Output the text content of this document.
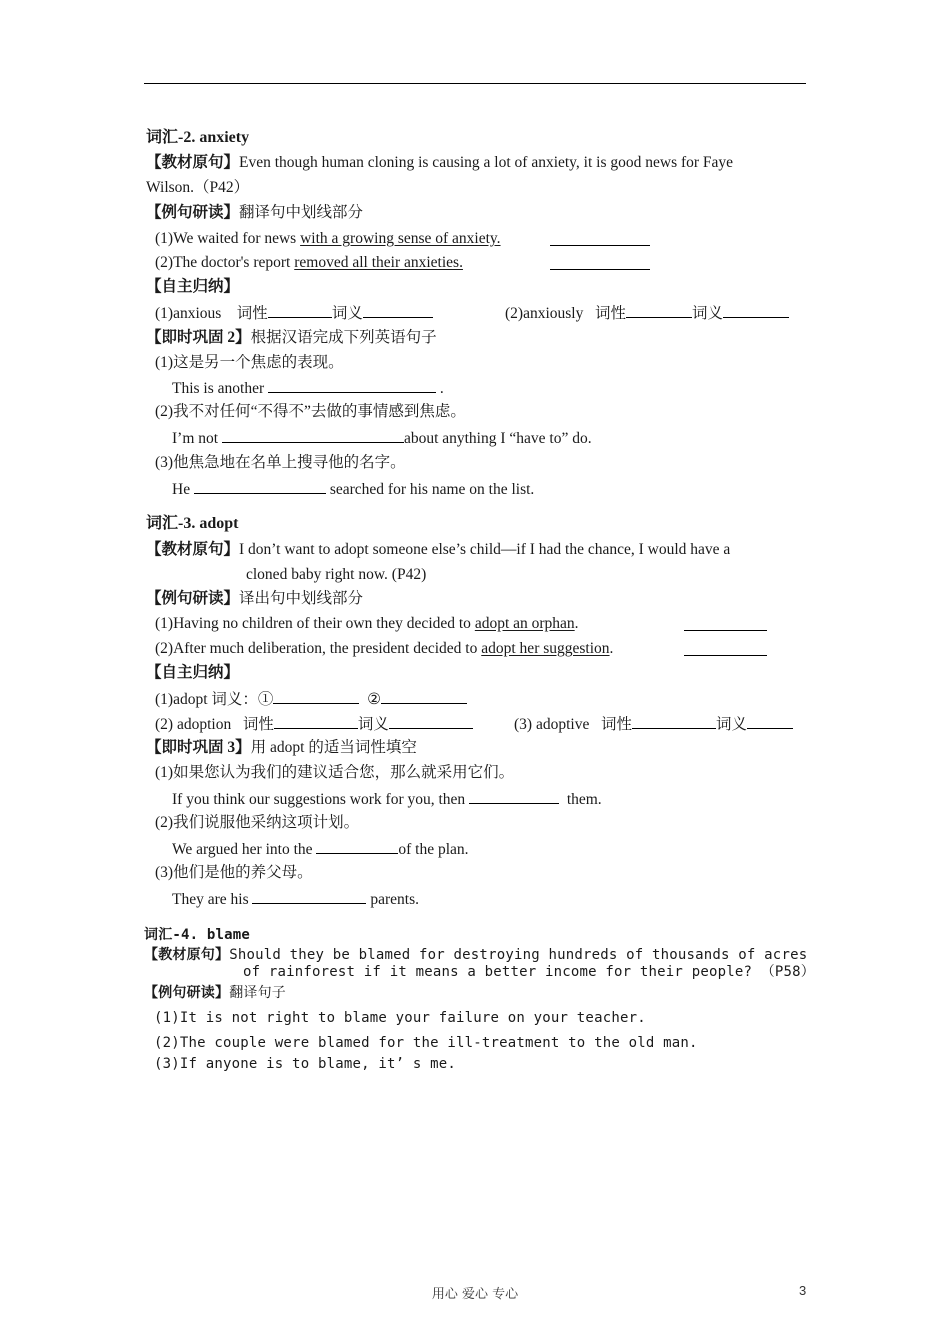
词汇-2. anxiety
【教材原句】Even though human cloning is causing a lot of anxiety, it is good news for Faye
Wilson.（P42）
【例句研读】翻译句中划线部分
(1)We waited for news with a growing sense of anxiety.
(2)The doctor's report removed all their anxieties.
【自主归纳】
(1)anxious 词性	词义	(2)anxiously 词性	词义
【即时巩固 2】根据汉语完成下列英语句子
(1)这是另一个焦虑的表现。
This is another	.
(2)我不对任何“不得不”去做的事情感到焦虑。
I’m not	about anything I “have to” do.
(3)他焦急地在名单上搜寻他的名字。
He	searched for his name on the list.
词汇-3. adopt
【教材原句】I don’t want to adopt someone else’s child—if I had the chance, I would have a
cloned baby right now. (P42)
【例句研读】译出句中划线部分
(1)Having no children of their own they decided to adopt an orphan.
(2)After much deliberation, the president decided to adopt her suggestion.
【自主归纳】
(1)adopt 词义：①	②
(2) adoption 词性	词义	(3) adoptive 词性	词义
【即时巩固 3】用 adopt 的适当词性填空
(1)如果您认为我们的建议适合您，那么就采用它们。
If you think our suggestions work for you, then	them.
(2)我们说服他采纳这项计划。
We argued her into the	of the plan.
(3)他们是他的养父母。
They are his	parents.
词汇-4. blame
【教材原句】Should they be blamed for destroying hundreds of thousands of acres
of rainforest if it means a better income for their people? （P58）
【例句研读】翻译句子
(1)It is not right to blame your failure on your teacher.
(2)The couple were blamed for the ill-treatment to the old man.
(3)If anyone is to blame, it’ s me.
用心 爱心 专心	3
